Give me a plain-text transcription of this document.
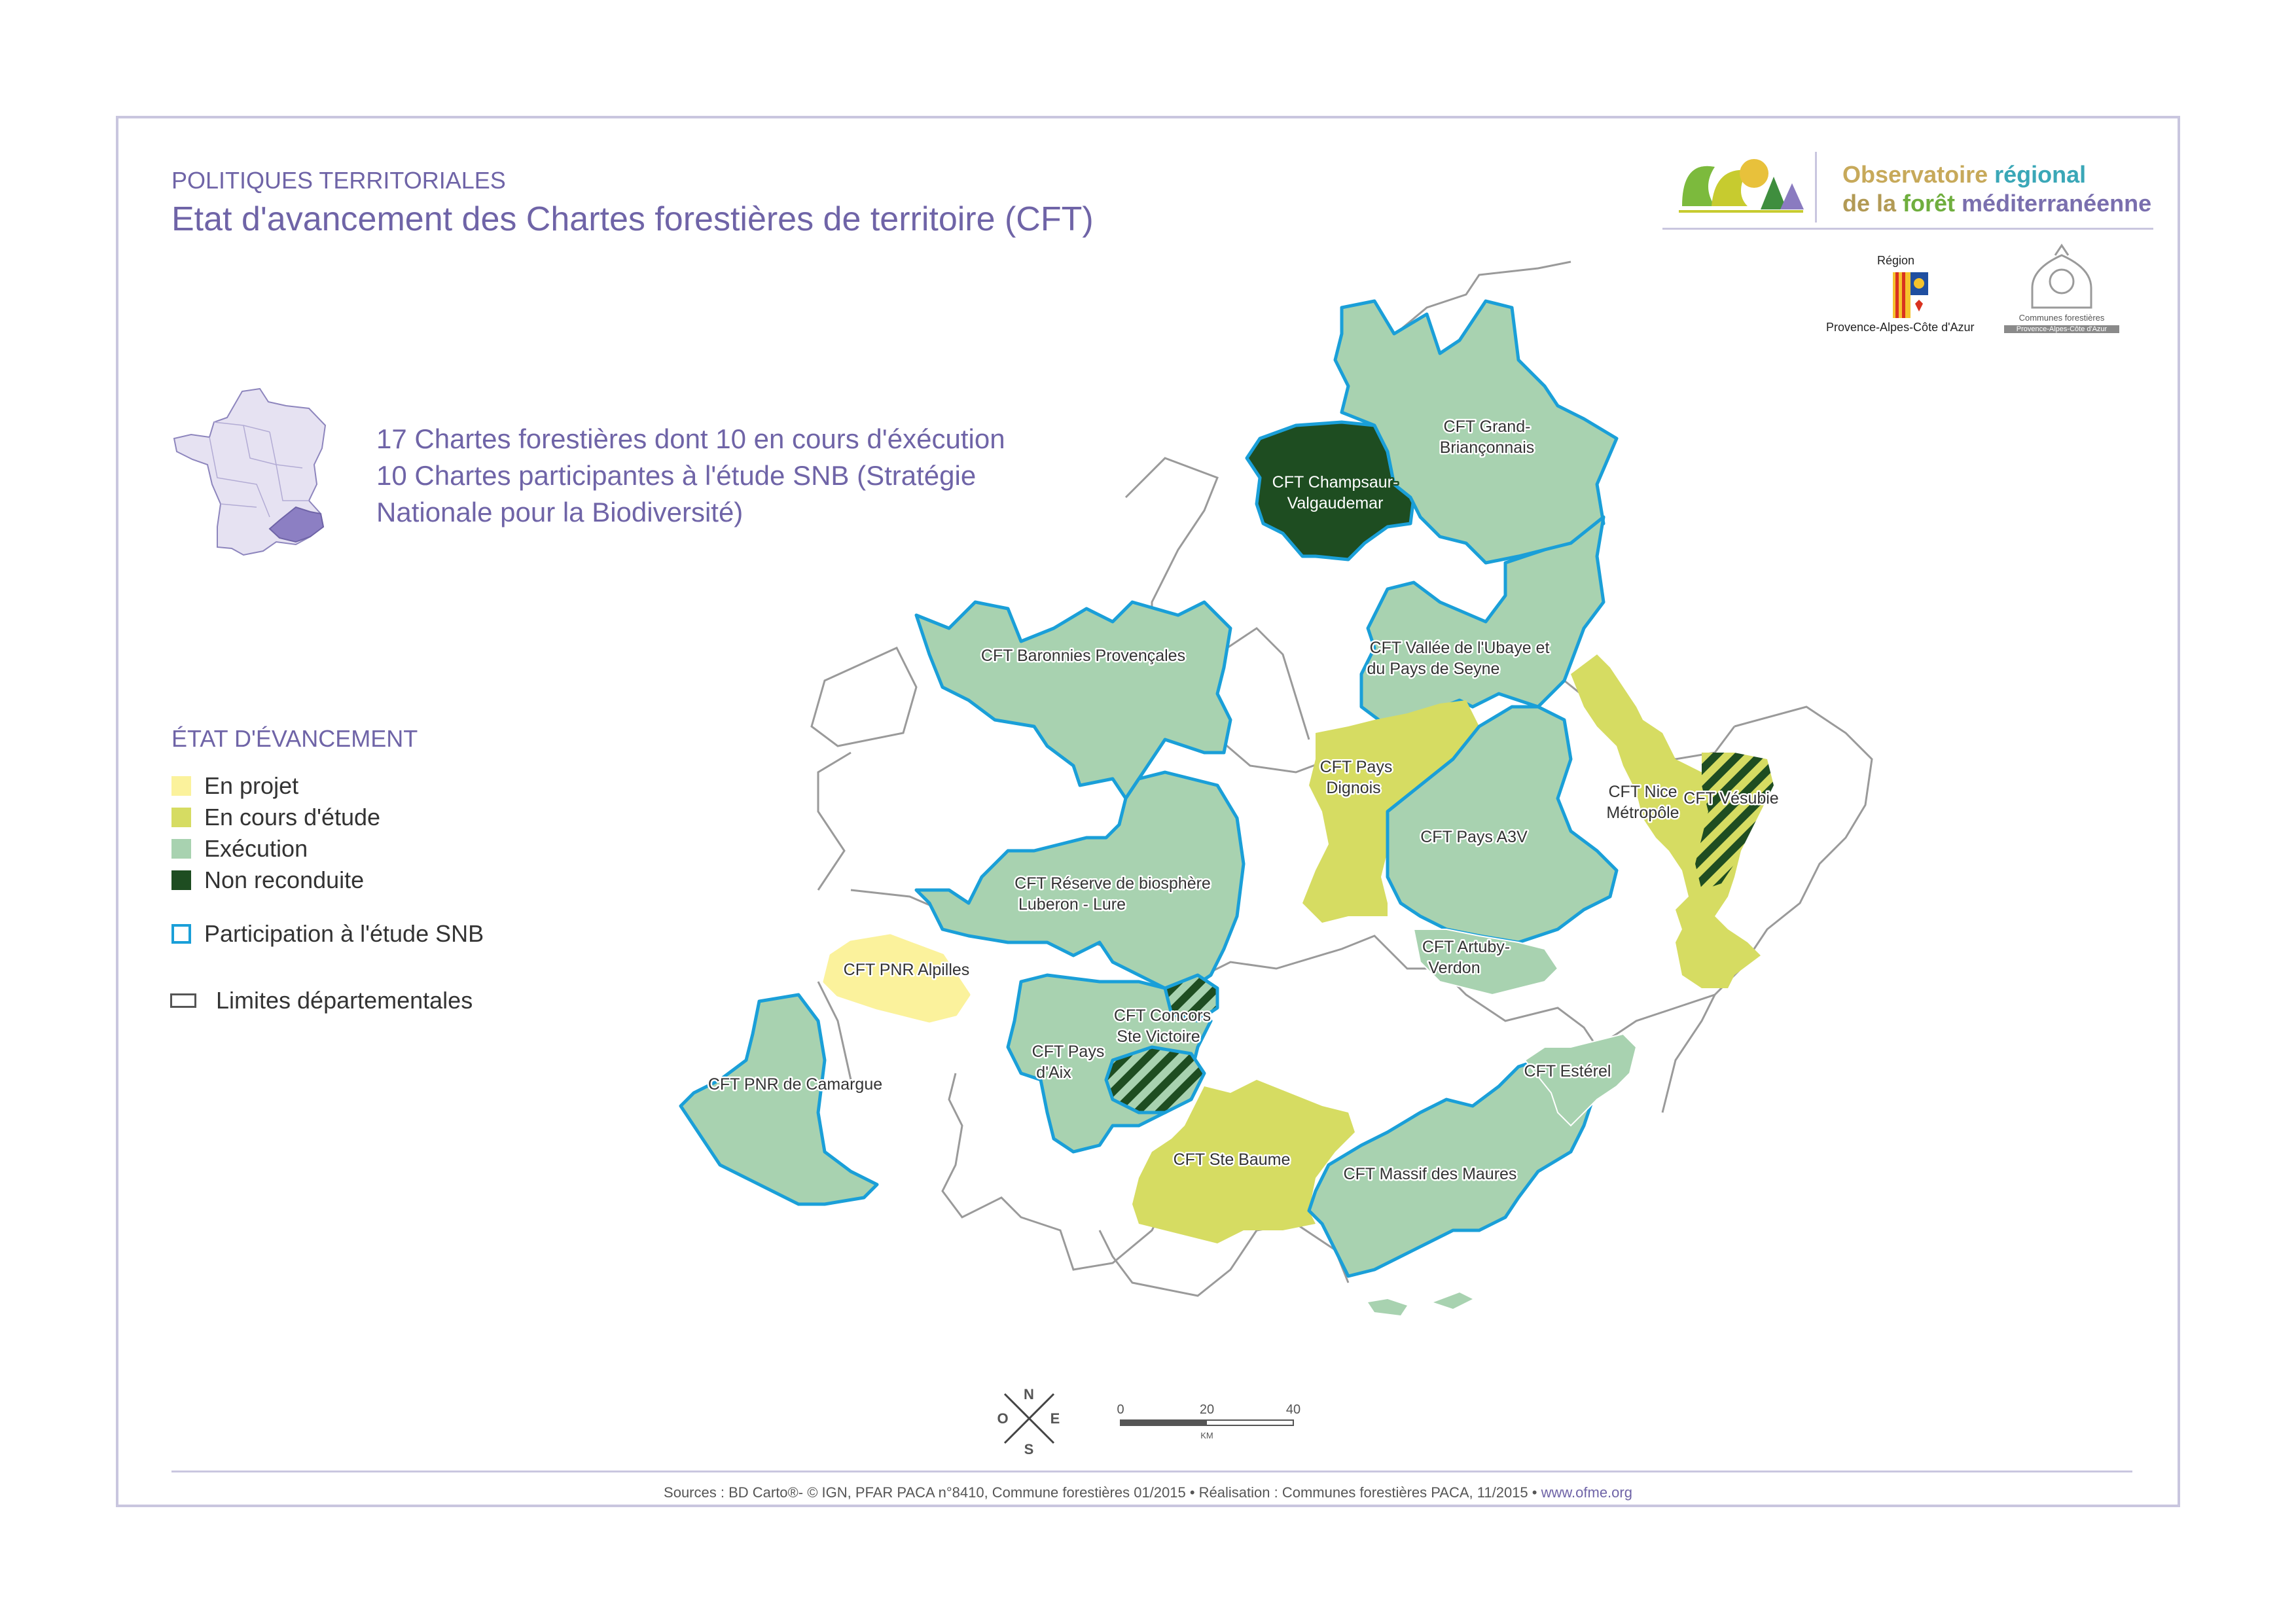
POLITIQUES TERRITORIALES
Etat d'avancement des Chartes forestières de territoire (CFT)
Observatoire régional
de la forêt méditerranéenne
Région
Provence-Alpes-Côte d'Azur
Communes forestières
Provence-Alpes-Côte d'Azur
17 Chartes forestières dont 10 en cours d'éxécution
10 Chartes participantes à l'étude SNB (Stratégie
Nationale pour la Biodiversité)
ÉTAT D'ÉVANCEMENT
En projet
En cours d'étude
Exécution
Non reconduite
Participation à l'étude SNB
Limites départementales
CFT Champsaur-
Valgaudemar
CFT Grand-
Briançonnais
CFT Baronnies Provençales	CFT Vallée de l'Ubaye et
du Pays de Seyne
CFT Pays
Dignois
CFT Pays A3V
CFT Nice
Métropôle
CFT Vésubie
CFT Réserve de biosphère
Luberon - Lure
CFT Artuby-
Verdon
CFT PNR Alpilles
CFT Concors
Ste Victoire
CFT Pays
d'Aix
CFT PNR de Camargue
CFT Estérel
CFT Ste Baume
CFT Massif des Maures
N
S
E
O
0	20	40
KM
Sources : BD Carto®- © IGN, PFAR PACA n°8410, Commune forestières 01/2015 • Réalisation : Communes forestières PACA, 11/2015 • www.ofme.org
